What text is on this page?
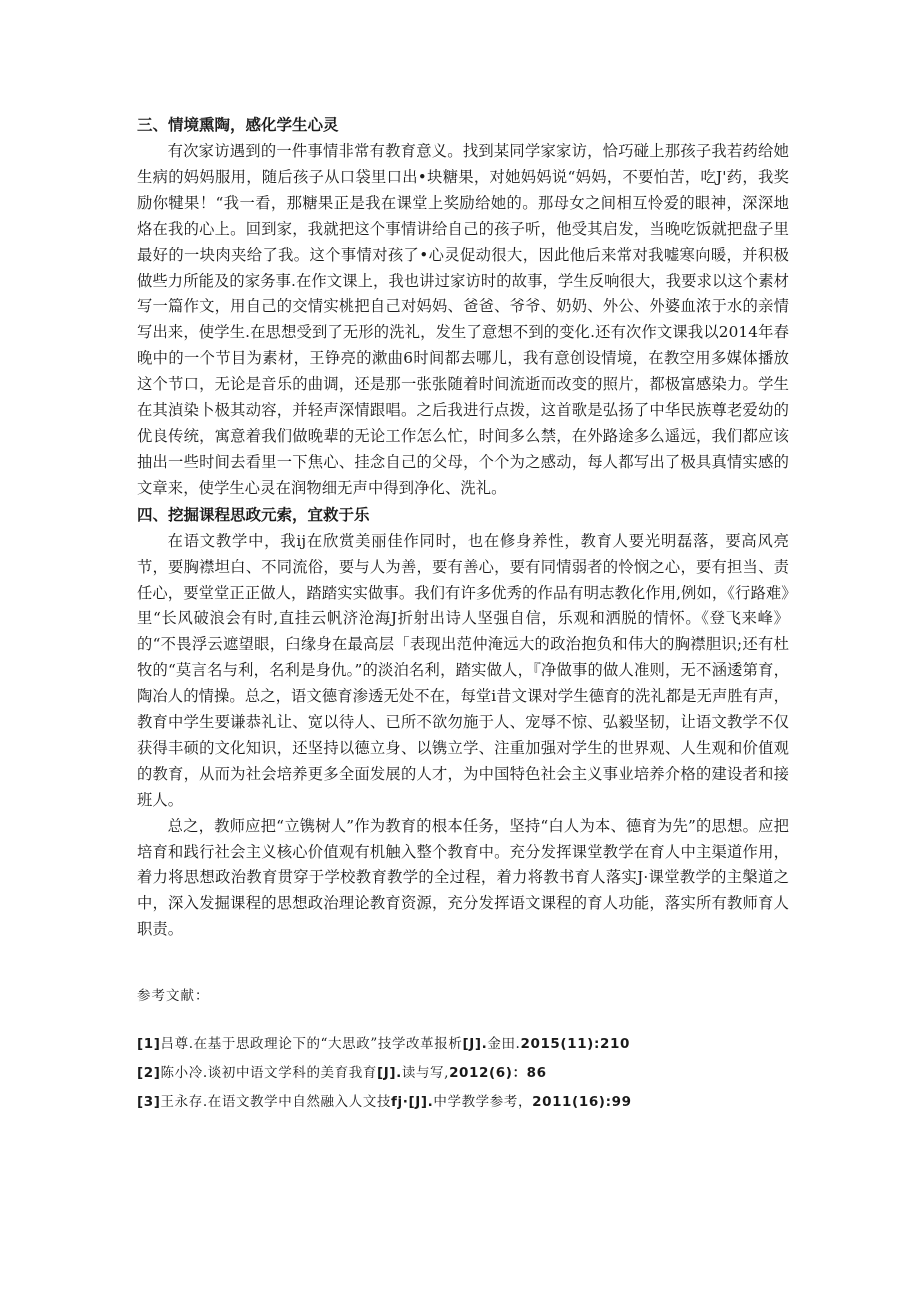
三、情境熏陶，感化学生心灵

有次家访遇到的一件事情非常有教育意义。找到某同学家家访，恰巧碰上那孩子我若药给她生病的妈妈服用，随后孩子从口袋里口出•块糖果，对她妈妈说“妈妈，不要怕苦，吃J'药，我奖励你犍果！“我一看，那糖果正是我在课堂上奖励给她的。那母女之间相互怜爱的眼神，深深地烙在我的心上。回到家，我就把这个事情讲给自己的孩子听，他受其启发，当晚吃饭就把盘子里最好的一块肉夹给了我。这个事情对孩了•心灵促动很大，因此他后来常对我嘘寒向暖，并积极做些力所能及的家务事.在作文课上，我也讲过家访时的故事，学生反响很大，我要求以这个素材写一篇作文，用自己的交情实桃把自己对妈妈、爸爸、爷爷、奶奶、外公、外婆血浓于水的亲情写出来，使学生.在思想受到了无形的洗礼，发生了意想不到的变化.还有次作文课我以2014年春晚中的一个节目为素材，王铮亮的漱曲6时间都去哪儿，我有意创设情境，在教空用多媒体播放这个节口，无论是音乐的曲调，还是那一张张随着时间流逝而改变的照片，都极富感染力。学生在其湞染卜极其动容，并轻声深情跟唱。之后我进行点拨，这首歌是弘扬了中华民族尊老爱幼的优良传统，寓意着我们做晚辈的无论工作怎么忙，时间多么禁，在外路途多么遥远，我们都应该抽出一些时间去看里一下焦心、挂念自己的父母，个个为之感动，每人都写出了极具真情实感的文章来，使学生心灵在润物细无声中得到净化、洗礼。

四、挖掘课程思政元索，宜救于乐

在语文教学中，我ij在欣赏美丽佳作同时，也在修身养性，教育人要光明磊落，要高风亮节，要胸襟坦白、不同流俗，要与人为善，要有善心，要有同情弱者的怜悯之心，要有担当、责任心，要堂堂正正做人，踏踏实实做事。我们有许多优秀的作品有明志教化作用,例如，《行路难》里“长风破浪会有时,直挂云帆济沧海J折射出诗人坚强自信，乐观和洒脱的情怀。《登飞来峰》的“不畏浮云遮望眼，臼缘身在最高层「表现出范仲淹远大的政治抱负和伟大的胸襟胆识;还有杜牧的“莫言名与利，名利是身仇。”的淡泊名利，踏实做人，『净做事的做人准则，无不涵逶第育，陶冶人的情操。总之，语文德育渗透无处不在，每堂i昔文课对学生德育的洗礼都是无声胜有声，教育中学生要谦恭礼让、宽以待人、已所不欲勿施于人、宠辱不惊、弘毅坚韧，让语文教学不仅获得丰硕的文化知识，还坚持以德立身、以镌立学、注重加强对学生的世界观、人生观和价值观的教育，从而为社会培养更多全面发展的人才，为中国特色社会主义事业培养介格的建设者和接班人。

总之，教师应把“立镌树人”作为教育的根本任务，坚持“白人为本、德育为先”的思想。应把培育和践行社会主义核心价值观有机触入整个教育中。充分发挥课堂教学在育人中主渠道作用，着力将思想政治教育贯穿于学校教育教学的全过程，着力将教书育人落实J·课堂教学的主槃道之中，深入发掘课程的思想政治理论教育资源，充分发挥语文课程的育人功能，落实所有教师育人职责。

参考文献：

[1]吕尊.在基于思政理论下的“大思政”技学改革报析[J].金田.2015(11):210

[2]陈小冷.谈初中语文学科的美育我育[J].读与写,2012(6)：86

[3]王永存.在语文教学中自然融入人文技fj·[J].中学教学参考，2011(16):99
